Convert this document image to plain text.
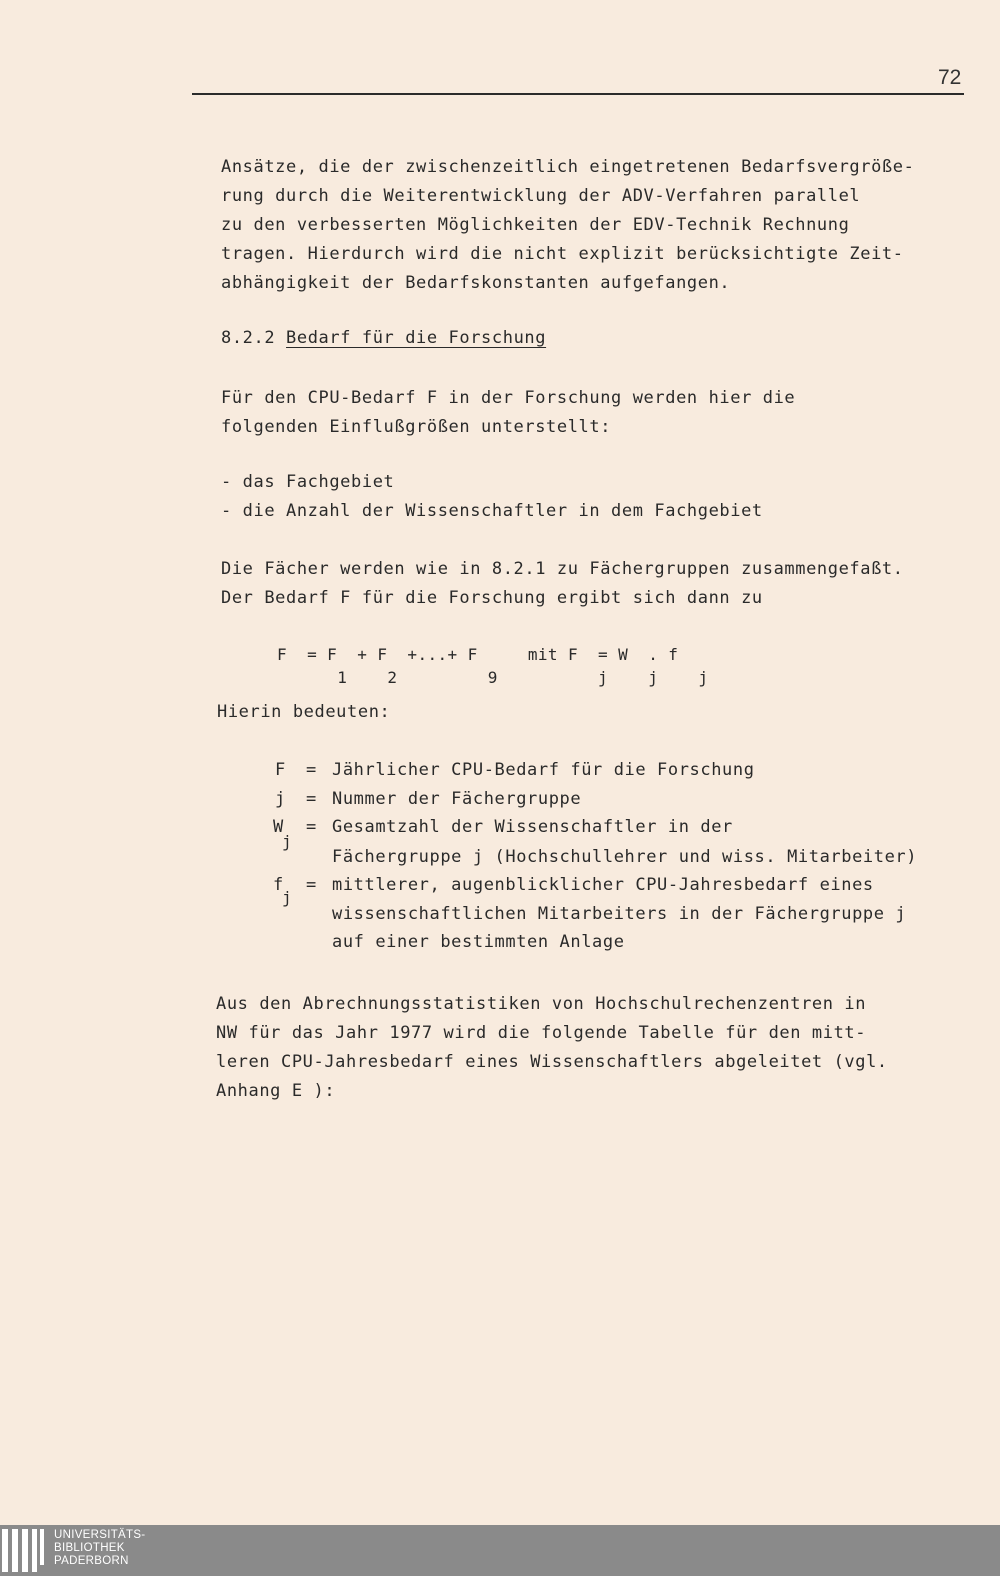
72
Ansätze, die der zwischenzeitlich eingetretenen Bedarfsvergröße-
rung durch die Weiterentwicklung der ADV-Verfahren parallel
zu den verbesserten Möglichkeiten der EDV-Technik Rechnung
tragen. Hierdurch wird die nicht explizit berücksichtigte Zeit-
abhängigkeit der Bedarfskonstanten aufgefangen.
8.2.2 Bedarf für die Forschung
Für den CPU-Bedarf F in der Forschung werden hier die
folgenden Einflußgrößen unterstellt:
- das Fachgebiet
- die Anzahl der Wissenschaftler in dem Fachgebiet
Die Fächer werden wie in 8.2.1 zu Fächergruppen zusammengefaßt.
Der Bedarf F für die Forschung ergibt sich dann zu
F  = F  + F  +...+ F     mit F  = W  . f
1    2         9          j    j    j
Hierin bedeuten:
F = Jährlicher CPU-Bedarf für die Forschung
j = Nummer der Fächergruppe
W
j
= Gesamtzahl der Wissenschaftler in der
Fächergruppe j (Hochschullehrer und wiss. Mitarbeiter)
f
j
= mittlerer, augenblicklicher CPU-Jahresbedarf eines
wissenschaftlichen Mitarbeiters in der Fächergruppe j
auf einer bestimmten Anlage
Aus den Abrechnungsstatistiken von Hochschulrechenzentren in
NW für das Jahr 1977 wird die folgende Tabelle für den mitt-
leren CPU-Jahresbedarf eines Wissenschaftlers abgeleitet (vgl.
Anhang E ):
UNIVERSITÄTS-
BIBLIOTHEK
PADERBORN
